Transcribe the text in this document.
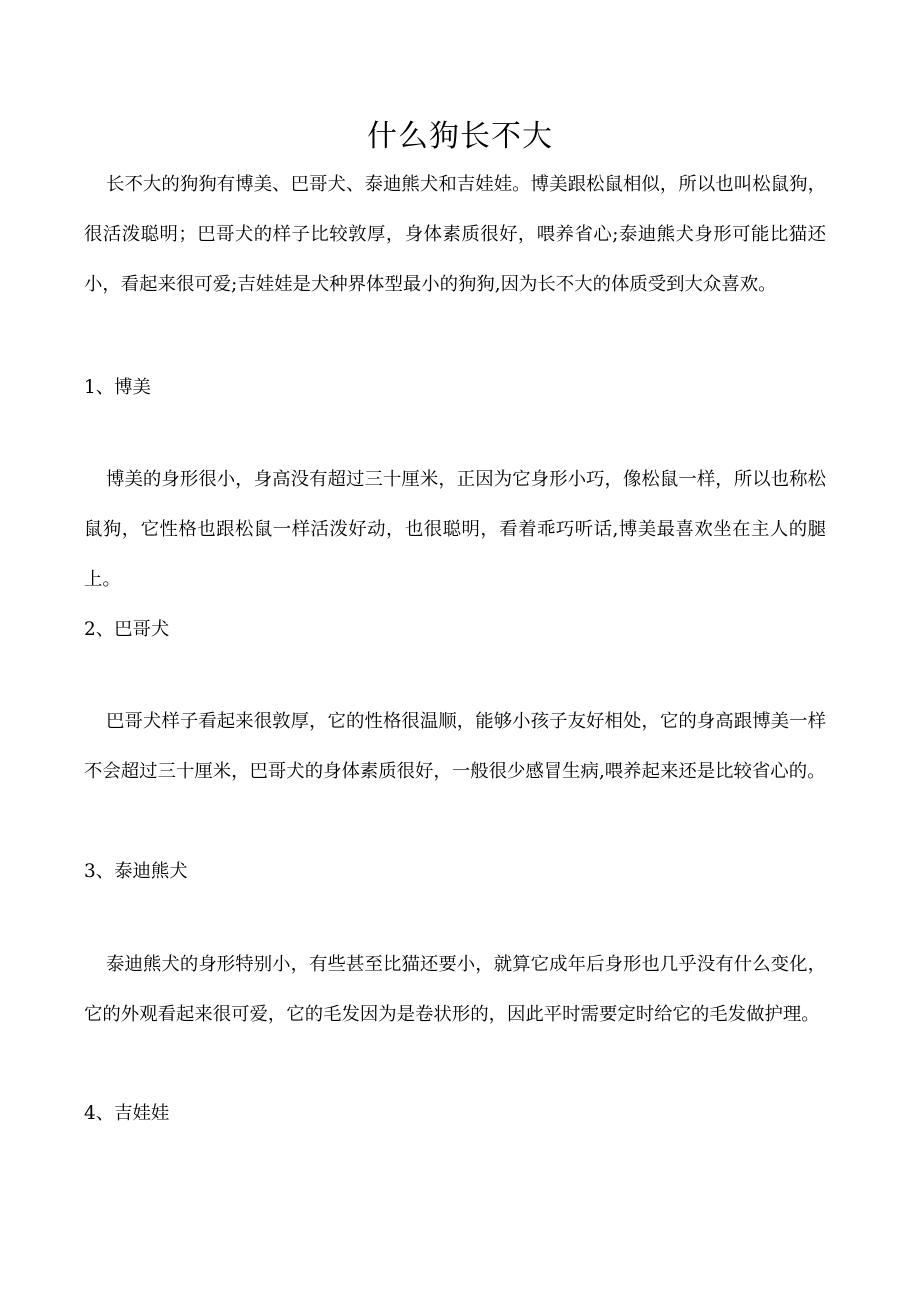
什么狗长不大

长不大的狗狗有博美、巴哥犬、泰迪熊犬和吉娃娃。博美跟松鼠相似，所以也叫松鼠狗，很活泼聪明；巴哥犬的样子比较敦厚，身体素质很好，喂养省心;泰迪熊犬身形可能比猫还小，看起来很可爱;吉娃娃是犬种界体型最小的狗狗,因为长不大的体质受到大众喜欢。

1、博美

博美的身形很小，身高没有超过三十厘米，正因为它身形小巧，像松鼠一样，所以也称松鼠狗，它性格也跟松鼠一样活泼好动，也很聪明，看着乖巧听话,博美最喜欢坐在主人的腿上。

2、巴哥犬

巴哥犬样子看起来很敦厚，它的性格很温顺，能够小孩子友好相处，它的身高跟博美一样不会超过三十厘米，巴哥犬的身体素质很好，一般很少感冒生病,喂养起来还是比较省心的。

3、泰迪熊犬

泰迪熊犬的身形特别小，有些甚至比猫还要小，就算它成年后身形也几乎没有什么变化，它的外观看起来很可爱，它的毛发因为是卷状形的，因此平时需要定时给它的毛发做护理。

4、吉娃娃
